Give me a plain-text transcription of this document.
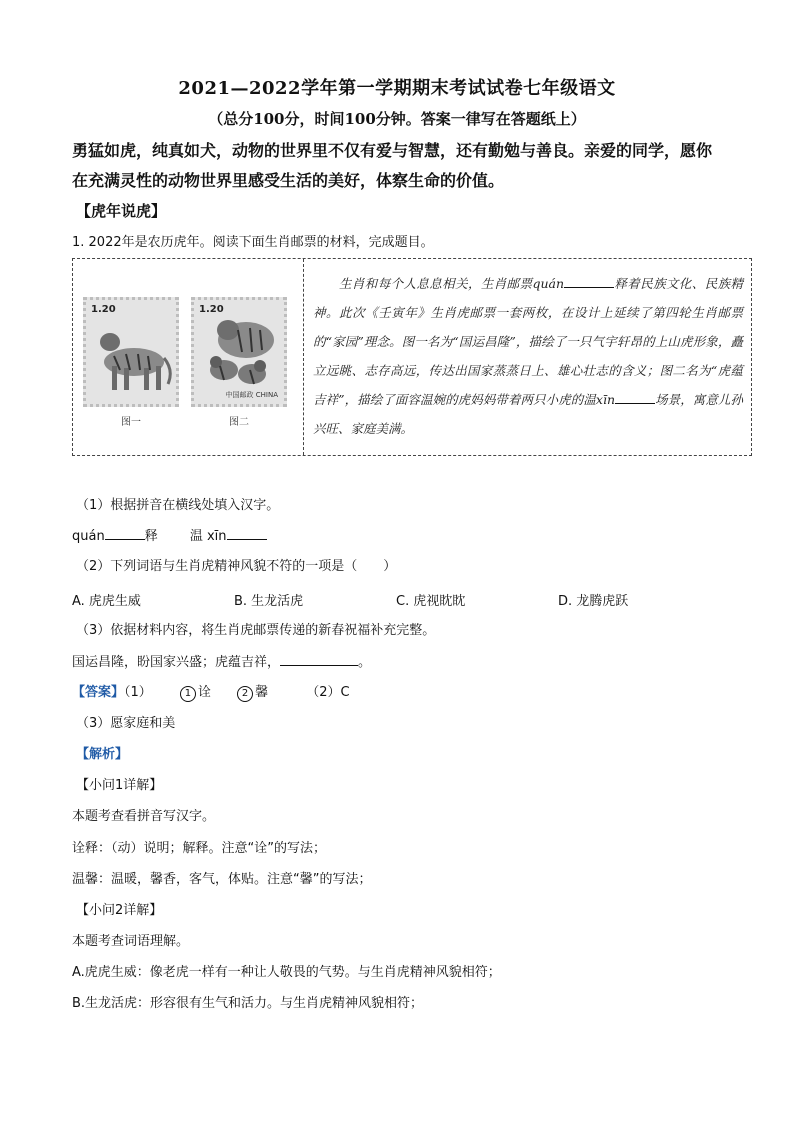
2021—2022学年第一学期期末考试试卷七年级语文
（总分100分，时间100分钟。答案一律写在答题纸上）
勇猛如虎，纯真如犬，动物的世界里不仅有爱与智慧，还有勤勉与善良。亲爱的同学，愿你
在充满灵性的动物世界里感受生活的美好，体察生命的价值。
【虎年说虎】
1. 2022年是农历虎年。阅读下面生肖邮票的材料，完成题目。
1.20	1.20
中国邮政 CHINA
图一	图二
生肖和每个人息息相关，生肖邮票quán	释着民族文化、民族精神。此次《壬寅年》生肖虎邮票一套两枚，在设计上延续了第四轮生肖邮票的“家园”理念。图一名为“国运昌隆”，描绘了一只气宇轩昂的上山虎形象，矗立远眺、志存高远，传达出国家蒸蒸日上、雄心壮志的含义；图二名为“虎蕴吉祥”，描绘了面容温婉的虎妈妈带着两只小虎的温xīn	场景，寓意儿孙兴旺、家庭美满。
（1）根据拼音在横线处填入汉字。
quán	释 温 xīn
（2）下列词语与生肖虎精神风貌不符的一项是（　　）
A. 虎虎生威	B. 生龙活虎	C. 虎视眈眈	D. 龙腾虎跃
（3）依据材料内容，将生肖虎邮票传递的新春祝福补充完整。
国运昌隆，盼国家兴盛；虎蕴吉祥，	。
【答案】（1）	1 诠	2 馨	（2）C
（3）愿家庭和美
【解析】
【小问1详解】
本题考查看拼音写汉字。
诠释：（动）说明；解释。注意“诠”的写法；
温馨：温暖，馨香，客气，体贴。注意“馨”的写法；
【小问2详解】
本题考查词语理解。
A.虎虎生威：像老虎一样有一种让人敬畏的气势。与生肖虎精神风貌相符；
B.生龙活虎：形容很有生气和活力。与生肖虎精神风貌相符；
